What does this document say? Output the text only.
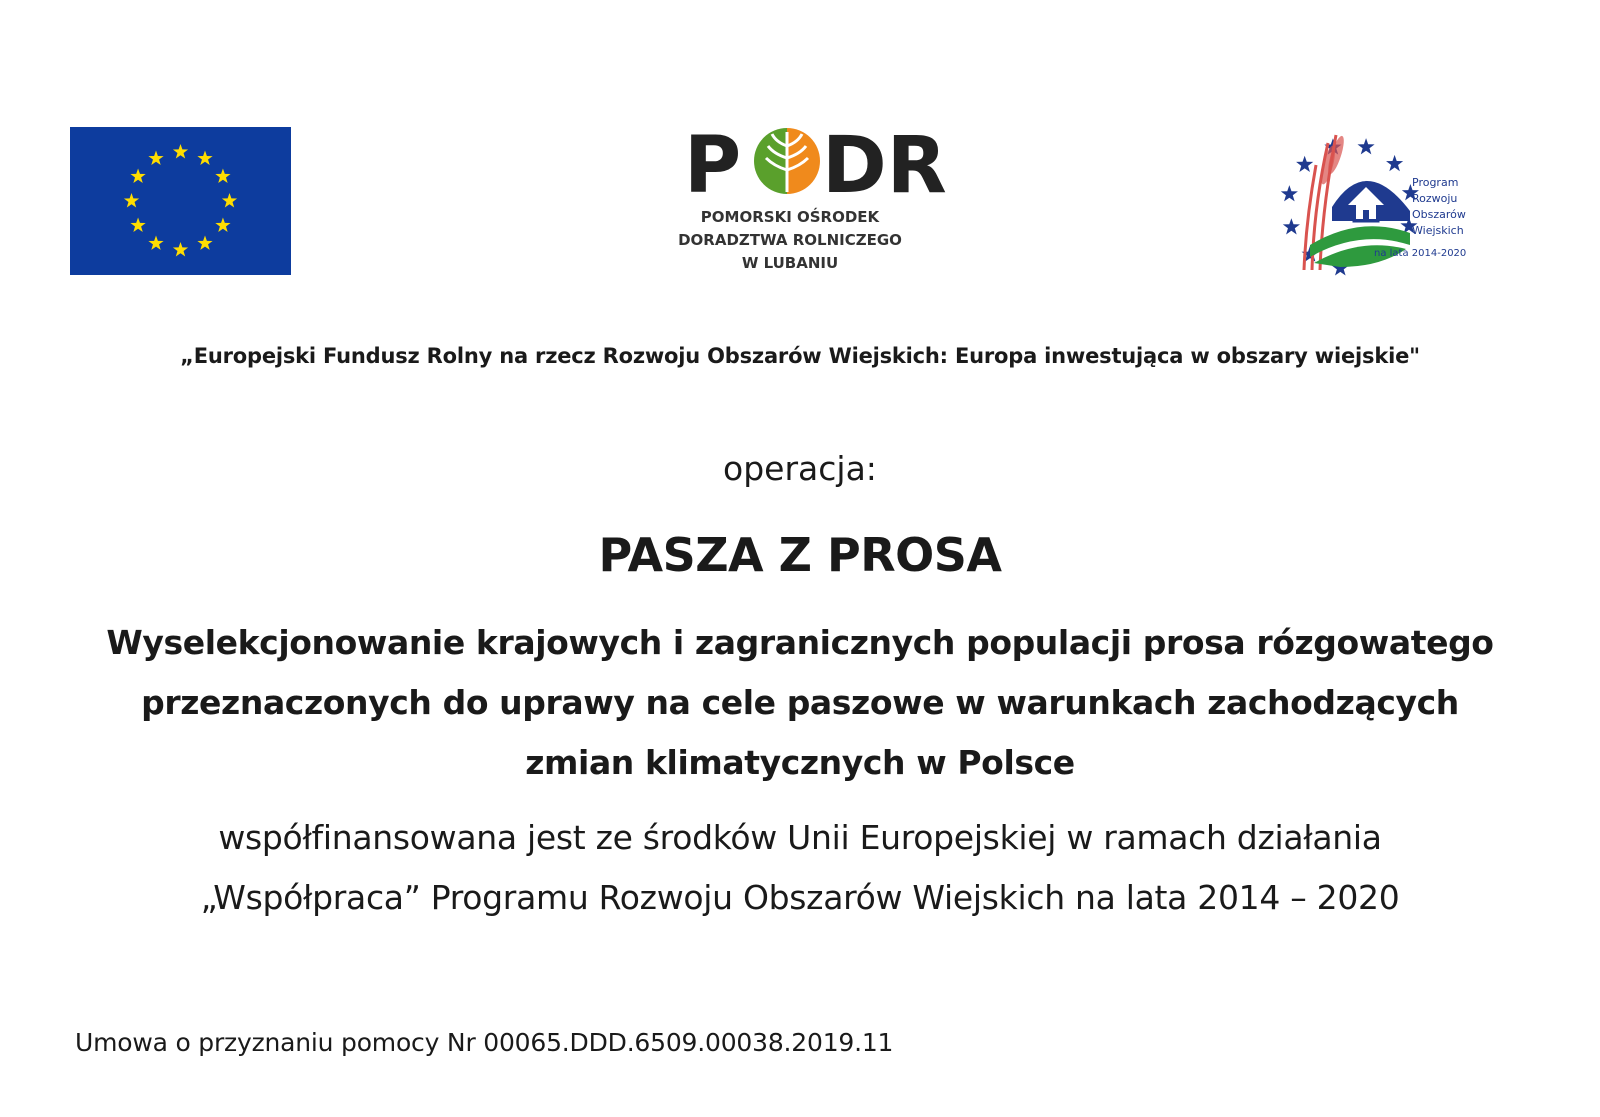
P DR
POMORSKI OŚRODEK
DORADZTWA ROLNICZEGO
W LUBANIU
Program
Rozwoju
Obszarów
Wiejskich
na lata 2014-2020
„Europejski Fundusz Rolny na rzecz Rozwoju Obszarów Wiejskich: Europa inwestująca w obszary wiejskie"
operacja:
PASZA Z PROSA
Wyselekcjonowanie krajowych i zagranicznych populacji prosa rózgowatego
przeznaczonych do uprawy na cele paszowe w warunkach zachodzących
zmian klimatycznych w Polsce
współfinansowana jest ze środków Unii Europejskiej w ramach działania
„Współpraca” Programu Rozwoju Obszarów Wiejskich na lata 2014 – 2020
Umowa o przyznaniu pomocy Nr 00065.DDD.6509.00038.2019.11
